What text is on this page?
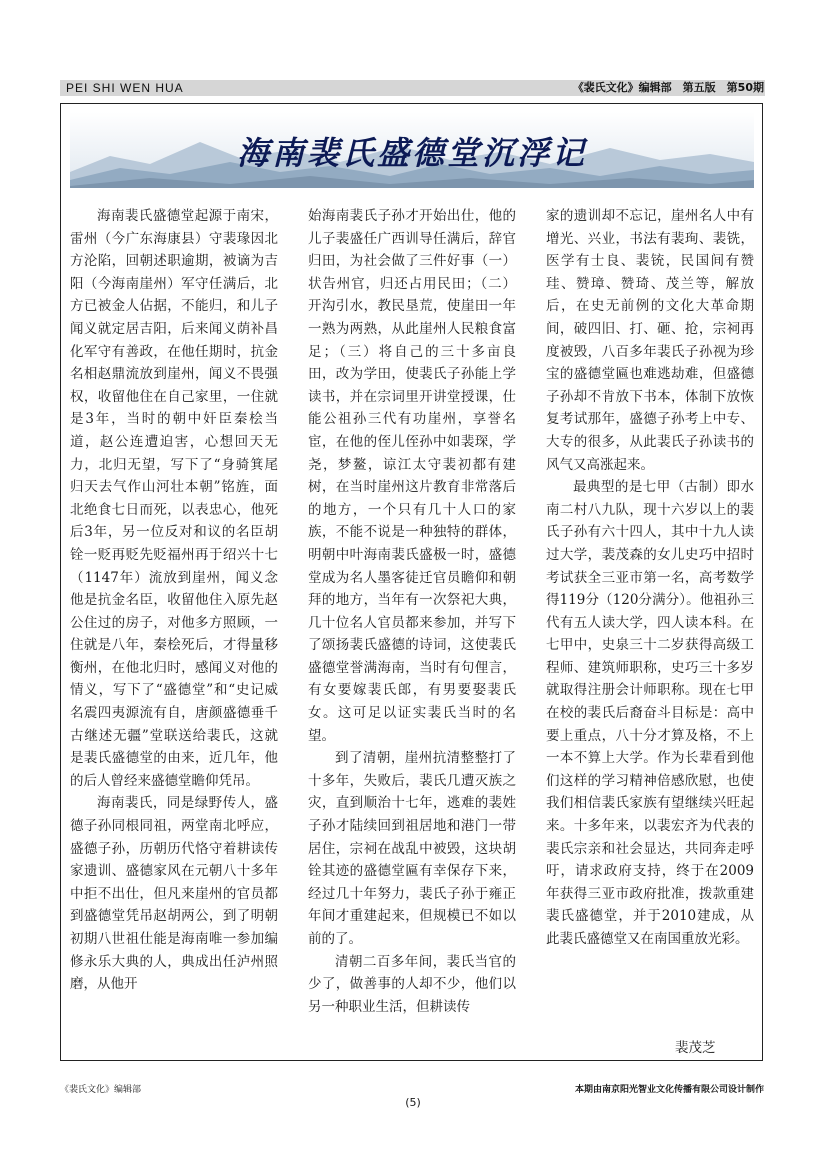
PEI SHI WEN HUA	《裴氏文化》编辑部　第五版　第50期
海南裴氏盛德堂沉浮记

海南裴氏盛德堂起源于南宋，雷州（今广东海康县）守裴瑑因北方沦陷，回朝述职逾期，被谪为吉阳（今海南崖州）军守任满后，北方已被金人佔据，不能归，和儿子闻义就定居吉阳，后来闻义荫补昌化军守有善政，在他任期时，抗金名相赵鼎流放到崖州，闻义不畏强权，收留他住在自己家里，一住就是3年，当时的朝中奸臣秦桧当道，赵公连遭迫害，心想回天无力，北归无望，写下了“身骑箕尾归天去气作山河壮本朝”铭旌，面北绝食七日而死，以表忠心，他死后3年，另一位反对和议的名臣胡铨一贬再贬先贬福州再于绍兴十七（1147年）流放到崖州，闻义念他是抗金名臣，收留他住入原先赵公住过的房子，对他多方照顾，一住就是八年，秦桧死后，才得量移衡州，在他北归时，感闻义对他的情义，写下了“盛德堂”和“史记威名震四夷源流有自，唐颜盛德垂千古继述无疆”堂联送给裴氏，这就是裴氏盛德堂的由来，近几年，他的后人曾经来盛德堂瞻仰凭吊。

海南裴氏，同是绿野传人，盛德子孙同根同祖，两堂南北呼应，盛德子孙，历朝历代恪守着耕读传家遗训、盛德家风在元朝八十多年中拒不出仕，但凡来崖州的官员都到盛德堂凭吊赵胡两公，到了明朝初期八世祖仕能是海南唯一参加编修永乐大典的人，典成出任泸州照磨，从他开

始海南裴氏子孙才开始出仕，他的儿子裴盛任广西训导任满后，辞官归田，为社会做了三件好事（一）状告州官，归还占用民田；（二）开沟引水，教民垦荒，使崖田一年一熟为两熟，从此崖州人民粮食富足；（三）将自己的三十多亩良田，改为学田，使裴氏子孙能上学读书，并在宗词里开讲堂授课，仕能公祖孙三代有功崖州，享誉名宦，在他的侄儿侄孙中如裴琛，学尧，梦鳌，谅江太守裴初都有建树，在当时崖州这片教育非常落后的地方，一个只有几十人口的家族，不能不说是一种独特的群体，明朝中叶海南裴氏盛极一时，盛德堂成为名人墨客徒迁官员瞻仰和朝拜的地方，当年有一次祭祀大典，几十位名人官员都来参加，并写下了颂扬裴氏盛德的诗词，这使裴氏盛德堂誉满海南，当时有句俚言，有女要嫁裴氏郎，有男要娶裴氏女。这可足以证实裴氏当时的名望。

到了清朝，崖州抗清整整打了十多年，失败后，裴氏几遭灭族之灾，直到顺治十七年，逃难的裴姓子孙才陆续回到祖居地和港门一带居住，宗祠在战乱中被毁，这块胡铨其迹的盛德堂匾有幸保存下来，经过几十年努力，裴氏子孙于雍正年间才重建起来，但规模已不如以前的了。

清朝二百多年间，裴氏当官的少了，做善事的人却不少，他们以另一种职业生活，但耕读传

家的遗训却不忘记，崖州名人中有增光、兴业，书法有裴珣、裴铣，医学有士良、裴铳，民国间有赞珪、赞璋、赞琦、茂兰等，解放后，在史无前例的文化大革命期间，破四旧、打、砸、抢，宗祠再度被毁，八百多年裴氏子孙视为珍宝的盛德堂匾也难逃劫难，但盛德子孙却不肯放下书本，体制下放恢复考试那年，盛德子孙考上中专、大专的很多，从此裴氏子孙读书的风气又高涨起来。

最典型的是七甲（古制）即水南二村八九队，现十六岁以上的裴氏子孙有六十四人，其中十九人读过大学，裴茂森的女儿史巧中招时考试获全三亚市第一名，高考数学得119分（120分满分）。他祖孙三代有五人读大学，四人读本科。在七甲中，史泉三十二岁获得高级工程师、建筑师职称，史巧三十多岁就取得注册会计师职称。现在七甲在校的裴氏后裔奋斗目标是：高中要上重点，八十分才算及格，不上一本不算上大学。作为长辈看到他们这样的学习精神倍感欣慰，也使我们相信裴氏家族有望继续兴旺起来。十多年来，以裴宏齐为代表的裴氏宗亲和社会显达，共同奔走呼吁，请求政府支持，终于在2009年获得三亚市政府批准，拨款重建裴氏盛德堂，并于2010建成，从此裴氏盛德堂又在南国重放光彩。

裴茂芝
《裴氏文化》编辑部	本期由南京阳光智业文化传播有限公司设计制作
(5)
